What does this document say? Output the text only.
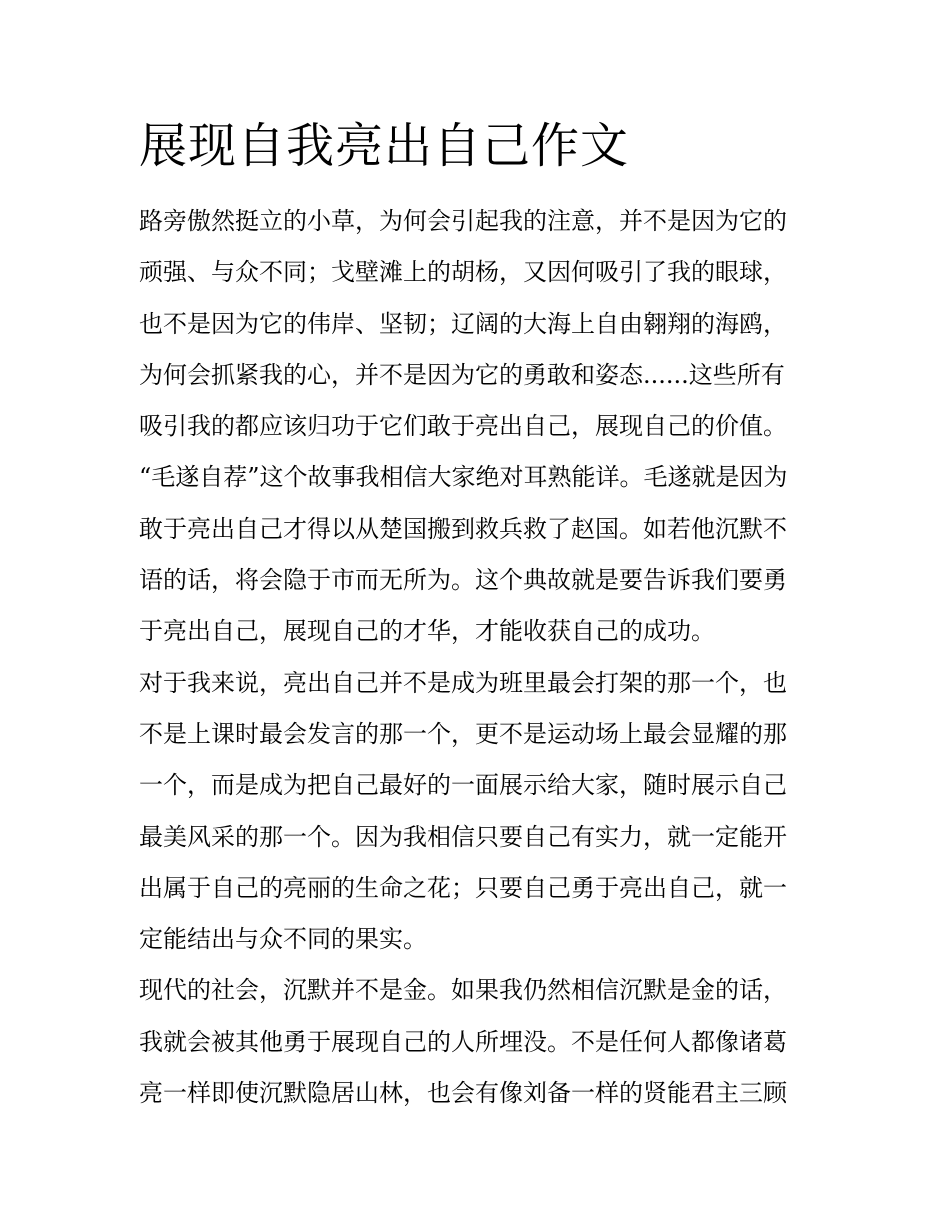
展现自我亮出自己作文
路旁傲然挺立的小草，为何会引起我的注意，并不是因为它的
顽强、与众不同；戈壁滩上的胡杨，又因何吸引了我的眼球，
也不是因为它的伟岸、坚韧；辽阔的大海上自由翱翔的海鸥，
为何会抓紧我的心，并不是因为它的勇敢和姿态......这些所有
吸引我的都应该归功于它们敢于亮出自己，展现自己的价值。
“毛遂自荐”这个故事我相信大家绝对耳熟能详。毛遂就是因为
敢于亮出自己才得以从楚国搬到救兵救了赵国。如若他沉默不
语的话，将会隐于市而无所为。这个典故就是要告诉我们要勇
于亮出自己，展现自己的才华，才能收获自己的成功。
对于我来说，亮出自己并不是成为班里最会打架的那一个，也
不是上课时最会发言的那一个，更不是运动场上最会显耀的那
一个，而是成为把自己最好的一面展示给大家，随时展示自己
最美风采的那一个。因为我相信只要自己有实力，就一定能开
出属于自己的亮丽的生命之花；只要自己勇于亮出自己，就一
定能结出与众不同的果实。
现代的社会，沉默并不是金。如果我仍然相信沉默是金的话，
我就会被其他勇于展现自己的人所埋没。不是任何人都像诸葛
亮一样即使沉默隐居山林，也会有像刘备一样的贤能君主三顾
